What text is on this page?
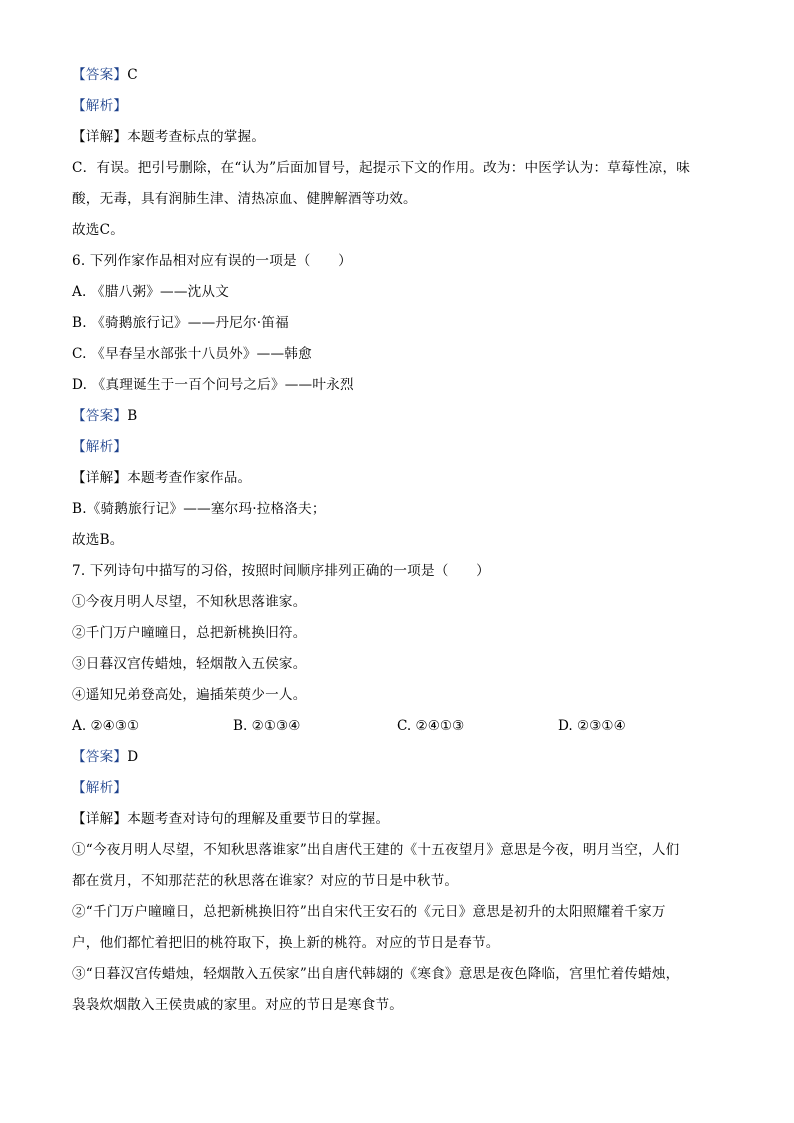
【答案】C
【解析】
【详解】本题考查标点的掌握。
C．有误。把引号删除，在“认为”后面加冒号，起提示下文的作用。改为：中医学认为：草莓性凉，味
酸，无毒，具有润肺生津、清热凉血、健脾解酒等功效。
故选C。
6. 下列作家作品相对应有误的一项是（　　）
A. 《腊八粥》——沈从文
B. 《骑鹅旅行记》——丹尼尔·笛福
C. 《早春呈水部张十八员外》——韩愈
D. 《真理诞生于一百个问号之后》——叶永烈
【答案】B
【解析】
【详解】本题考查作家作品。
B.《骑鹅旅行记》——塞尔玛·拉格洛夫；
故选B。
7. 下列诗句中描写的习俗，按照时间顺序排列正确的一项是（　　）
①今夜月明人尽望，不知秋思落谁家。
②千门万户曈曈日，总把新桃换旧符。
③日暮汉宫传蜡烛，轻烟散入五侯家。
④遥知兄弟登高处，遍插茱萸少一人。
A. ②④③①	B. ②①③④	C. ②④①③	D. ②③①④
【答案】D
【解析】
【详解】本题考查对诗句的理解及重要节日的掌握。
①“今夜月明人尽望，不知秋思落谁家”出自唐代王建的《十五夜望月》意思是今夜，明月当空，人们
都在赏月，不知那茫茫的秋思落在谁家？对应的节日是中秋节。
②“千门万户曈曈日，总把新桃换旧符”出自宋代王安石的《元日》意思是初升的太阳照耀着千家万
户，他们都忙着把旧的桃符取下，换上新的桃符。对应的节日是春节。
③“日暮汉宫传蜡烛，轻烟散入五侯家”出自唐代韩翃的《寒食》意思是夜色降临，宫里忙着传蜡烛，
袅袅炊烟散入王侯贵戚的家里。对应的节日是寒食节。
